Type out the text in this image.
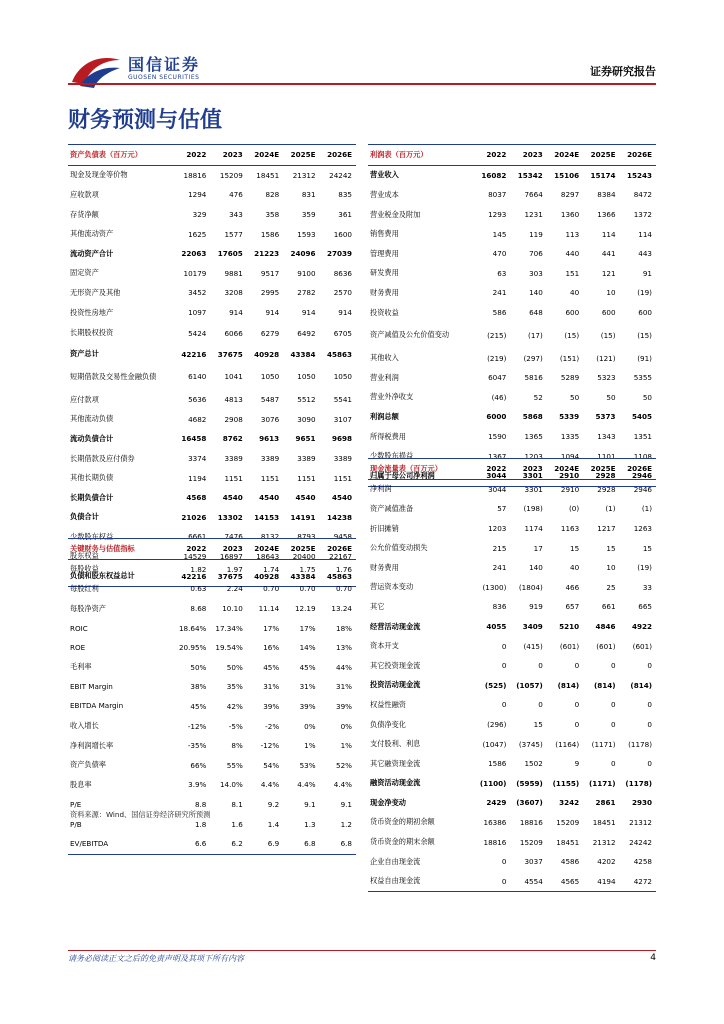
国信证券
GUOSEN SECURITIES	证券研究报告
财务预测与估值
资产负债表（百万元）	2022	2023	2024E	2025E	2026E
现金及现金等价物	18816	15209	18451	21312	24242
应收款项	1294	476	828	831	835
存货净额	329	343	358	359	361
其他流动资产	1625	1577	1586	1593	1600
流动资产合计	22063	17605	21223	24096	27039
固定资产	10179	9881	9517	9100	8636
无形资产及其他	3452	3208	2995	2782	2570
投资性房地产	1097	914	914	914	914
长期股权投资	5424	6066	6279	6492	6705
资产总计	42216	37675	40928	43384	45863
短期借款及交易性金融负债	6140	1041	1050	1050	1050
应付款项	5636	4813	5487	5512	5541
其他流动负债	4682	2908	3076	3090	3107
流动负债合计	16458	8762	9613	9651	9698
长期借款及应付债券	3374	3389	3389	3389	3389
其他长期负债	1194	1151	1151	1151	1151
长期负债合计	4568	4540	4540	4540	4540
负债合计	21026	13302	14153	14191	14238
少数股东权益	6661	7476	8132	8793	9458
股东权益	14529	16897	18643	20400	22167
负债和股东权益总计	42216	37675	40928	43384	45863
关键财务与估值指标	2022	2023	2024E	2025E	2026E
每股收益	1.82	1.97	1.74	1.75	1.76
每股红利	0.63	2.24	0.70	0.70	0.70
每股净资产	8.68	10.10	11.14	12.19	13.24
ROIC	18.64%	17.34%	17%	17%	18%
ROE	20.95%	19.54%	16%	14%	13%
毛利率	50%	50%	45%	45%	44%
EBIT Margin	38%	35%	31%	31%	31%
EBITDA Margin	45%	42%	39%	39%	39%
收入增长	-12%	-5%	-2%	0%	0%
净利润增长率	-35%	8%	-12%	1%	1%
资产负债率	66%	55%	54%	53%	52%
股息率	3.9%	14.0%	4.4%	4.4%	4.4%
P/E	8.8	8.1	9.2	9.1	9.1
P/B	1.8	1.6	1.4	1.3	1.2
EV/EBITDA	6.6	6.2	6.9	6.8	6.8
利润表（百万元）	2022	2023	2024E	2025E	2026E
营业收入	16082	15342	15106	15174	15243
营业成本	8037	7664	8297	8384	8472
营业税金及附加	1293	1231	1360	1366	1372
销售费用	145	119	113	114	114
管理费用	470	706	440	441	443
研发费用	63	303	151	121	91
财务费用	241	140	40	10	(19)
投资收益	586	648	600	600	600
资产减值及公允价值变动	(215)	(17)	(15)	(15)	(15)
其他收入	(219)	(297)	(151)	(121)	(91)
营业利润	6047	5816	5289	5323	5355
营业外净收支	(46)	52	50	50	50
利润总额	6000	5868	5339	5373	5405
所得税费用	1590	1365	1335	1343	1351
少数股东损益	1367	1203	1094	1101	1108
归属于母公司净利润	3044	3301	2910	2928	2946
现金流量表（百万元）	2022	2023	2024E	2025E	2026E
净利润	3044	3301	2910	2928	2946
资产减值准备	57	(198)	(0)	(1)	(1)
折旧摊销	1203	1174	1163	1217	1263
公允价值变动损失	215	17	15	15	15
财务费用	241	140	40	10	(19)
营运资本变动	(1300)	(1804)	466	25	33
其它	836	919	657	661	665
经营活动现金流	4055	3409	5210	4846	4922
资本开支	0	(415)	(601)	(601)	(601)
其它投资现金流	0	0	0	0	0
投资活动现金流	(525)	(1057)	(814)	(814)	(814)
权益性融资	0	0	0	0	0
负债净变化	(296)	15	0	0	0
支付股利、利息	(1047)	(3745)	(1164)	(1171)	(1178)
其它融资现金流	1586	1502	9	0	0
融资活动现金流	(1100)	(5959)	(1155)	(1171)	(1178)
现金净变动	2429	(3607)	3242	2861	2930
货币资金的期初余额	16386	18816	15209	18451	21312
货币资金的期末余额	18816	15209	18451	21312	24242
企业自由现金流	0	3037	4586	4202	4258
权益自由现金流	0	4554	4565	4194	4272
资料来源：Wind、国信证券经济研究所预测
请务必阅读正文之后的免责声明及其项下所有内容	4
